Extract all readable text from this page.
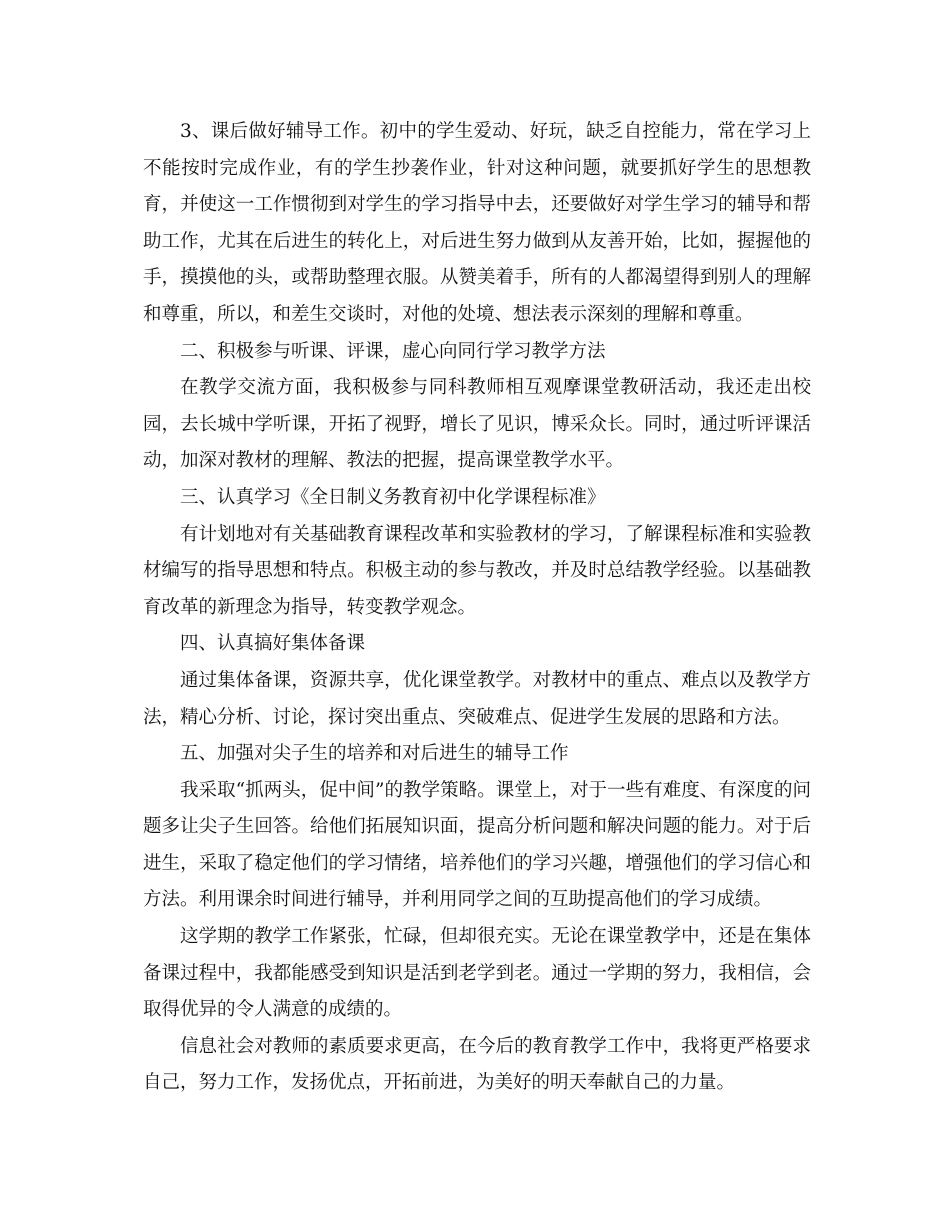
3、课后做好辅导工作。初中的学生爱动、好玩，缺乏自控能力，常在学习上不能按时完成作业，有的学生抄袭作业，针对这种问题，就要抓好学生的思想教育，并使这一工作惯彻到对学生的学习指导中去，还要做好对学生学习的辅导和帮助工作，尤其在后进生的转化上，对后进生努力做到从友善开始，比如，握握他的手，摸摸他的头，或帮助整理衣服。从赞美着手，所有的人都渴望得到别人的理解和尊重，所以，和差生交谈时，对他的处境、想法表示深刻的理解和尊重。

二、积极参与听课、评课，虚心向同行学习教学方法

在教学交流方面，我积极参与同科教师相互观摩课堂教研活动，我还走出校园，去长城中学听课，开拓了视野，增长了见识，博采众长。同时，通过听评课活动，加深对教材的理解、教法的把握，提高课堂教学水平。

三、认真学习《全日制义务教育初中化学课程标准》

有计划地对有关基础教育课程改革和实验教材的学习，了解课程标准和实验教材编写的指导思想和特点。积极主动的参与教改，并及时总结教学经验。以基础教育改革的新理念为指导，转变教学观念。

四、认真搞好集体备课

通过集体备课，资源共享，优化课堂教学。对教材中的重点、难点以及教学方法，精心分析、讨论，探讨突出重点、突破难点、促进学生发展的思路和方法。

五、加强对尖子生的培养和对后进生的辅导工作

我采取“抓两头，促中间”的教学策略。课堂上，对于一些有难度、有深度的问题多让尖子生回答。给他们拓展知识面，提高分析问题和解决问题的能力。对于后进生，采取了稳定他们的学习情绪，培养他们的学习兴趣，增强他们的学习信心和方法。利用课余时间进行辅导，并利用同学之间的互助提高他们的学习成绩。

这学期的教学工作紧张，忙碌，但却很充实。无论在课堂教学中，还是在集体备课过程中，我都能感受到知识是活到老学到老。通过一学期的努力，我相信，会取得优异的令人满意的成绩的。

信息社会对教师的素质要求更高，在今后的教育教学工作中，我将更严格要求自己，努力工作，发扬优点，开拓前进，为美好的明天奉献自己的力量。
